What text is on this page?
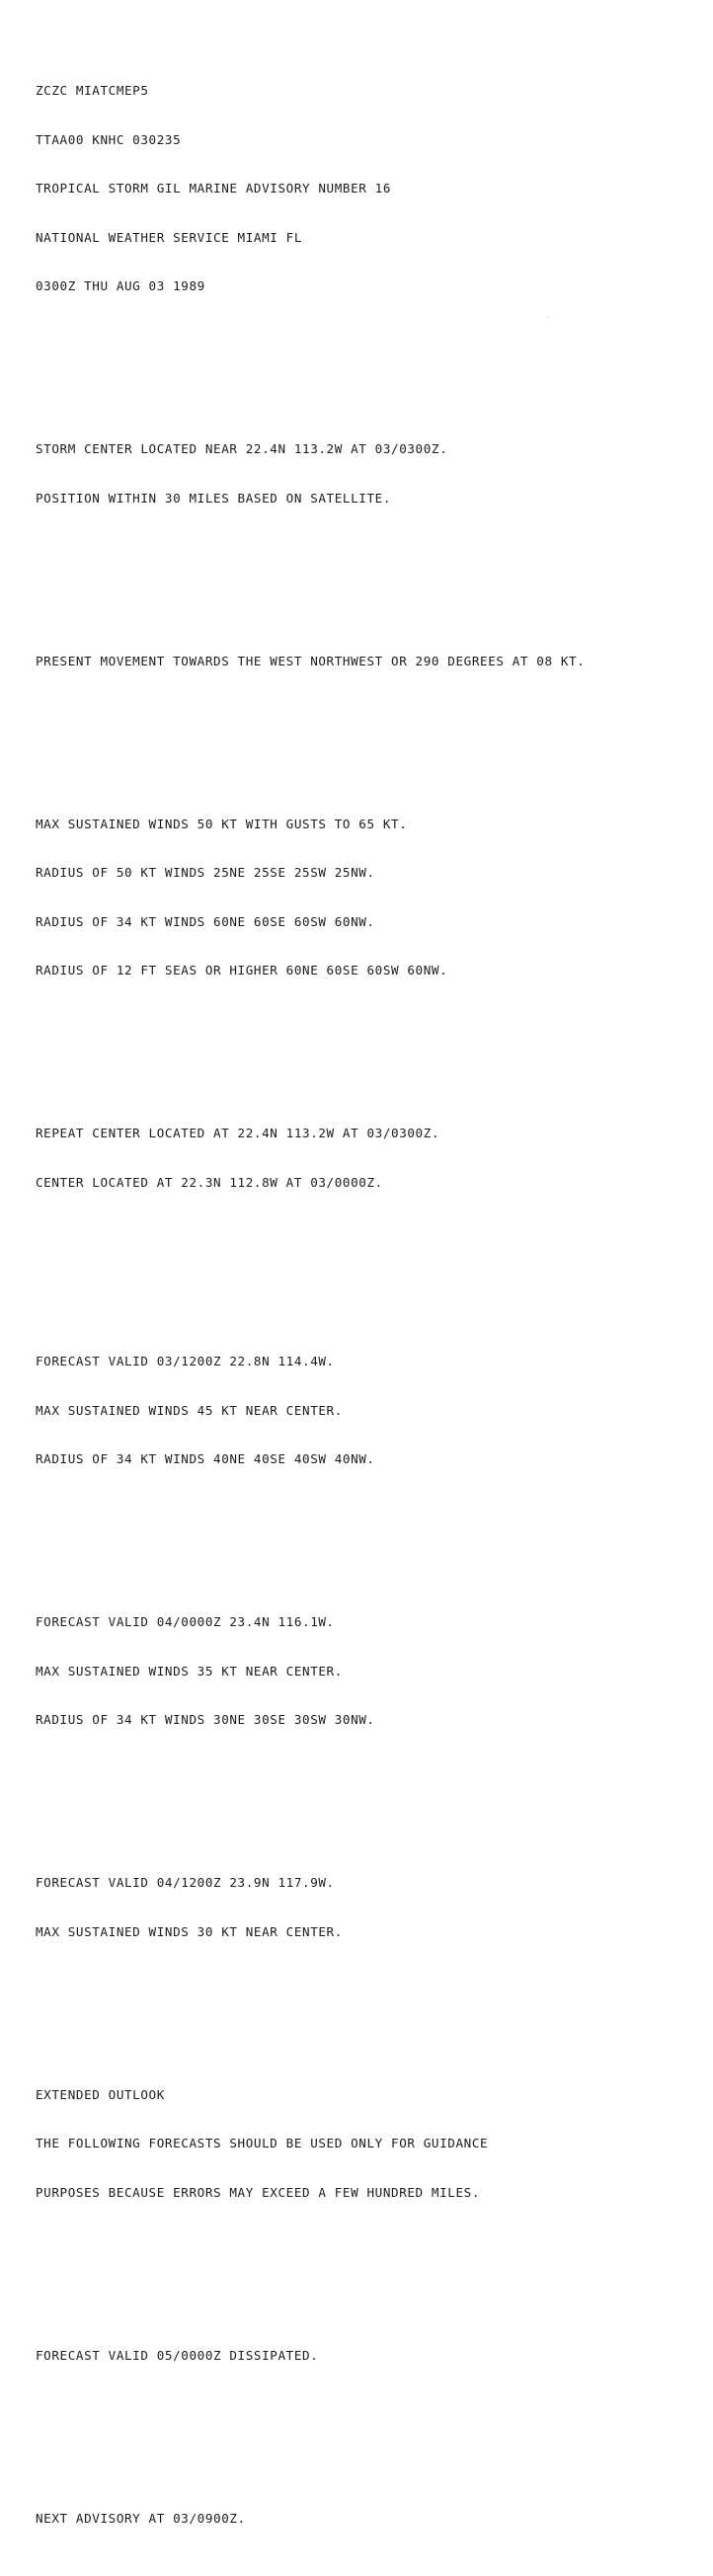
ZCZC MIATCMEP5

TTAA00 KNHC 030235

TROPICAL STORM GIL MARINE ADVISORY NUMBER 16

NATIONAL WEATHER SERVICE MIAMI FL

0300Z THU AUG 03 1989

STORM CENTER LOCATED NEAR 22.4N 113.2W AT 03/0300Z.

POSITION WITHIN 30 MILES BASED ON SATELLITE.

PRESENT MOVEMENT TOWARDS THE WEST NORTHWEST OR 290 DEGREES AT 08 KT.

MAX SUSTAINED WINDS 50 KT WITH GUSTS TO 65 KT.

RADIUS OF 50 KT WINDS 25NE 25SE 25SW 25NW.

RADIUS OF 34 KT WINDS 60NE 60SE 60SW 60NW.

RADIUS OF 12 FT SEAS OR HIGHER 60NE 60SE 60SW 60NW.

REPEAT CENTER LOCATED AT 22.4N 113.2W AT 03/0300Z.

CENTER LOCATED AT 22.3N 112.8W AT 03/0000Z.

FORECAST VALID 03/1200Z 22.8N 114.4W.

MAX SUSTAINED WINDS 45 KT NEAR CENTER.

RADIUS OF 34 KT WINDS 40NE 40SE 40SW 40NW.

FORECAST VALID 04/0000Z 23.4N 116.1W.

MAX SUSTAINED WINDS 35 KT NEAR CENTER.

RADIUS OF 34 KT WINDS 30NE 30SE 30SW 30NW.

FORECAST VALID 04/1200Z 23.9N 117.9W.

MAX SUSTAINED WINDS 30 KT NEAR CENTER.

EXTENDED OUTLOOK

THE FOLLOWING FORECASTS SHOULD BE USED ONLY FOR GUIDANCE

PURPOSES BECAUSE ERRORS MAY EXCEED A FEW HUNDRED MILES.

FORECAST VALID 05/0000Z DISSIPATED.

NEXT ADVISORY AT 03/0900Z.

·
